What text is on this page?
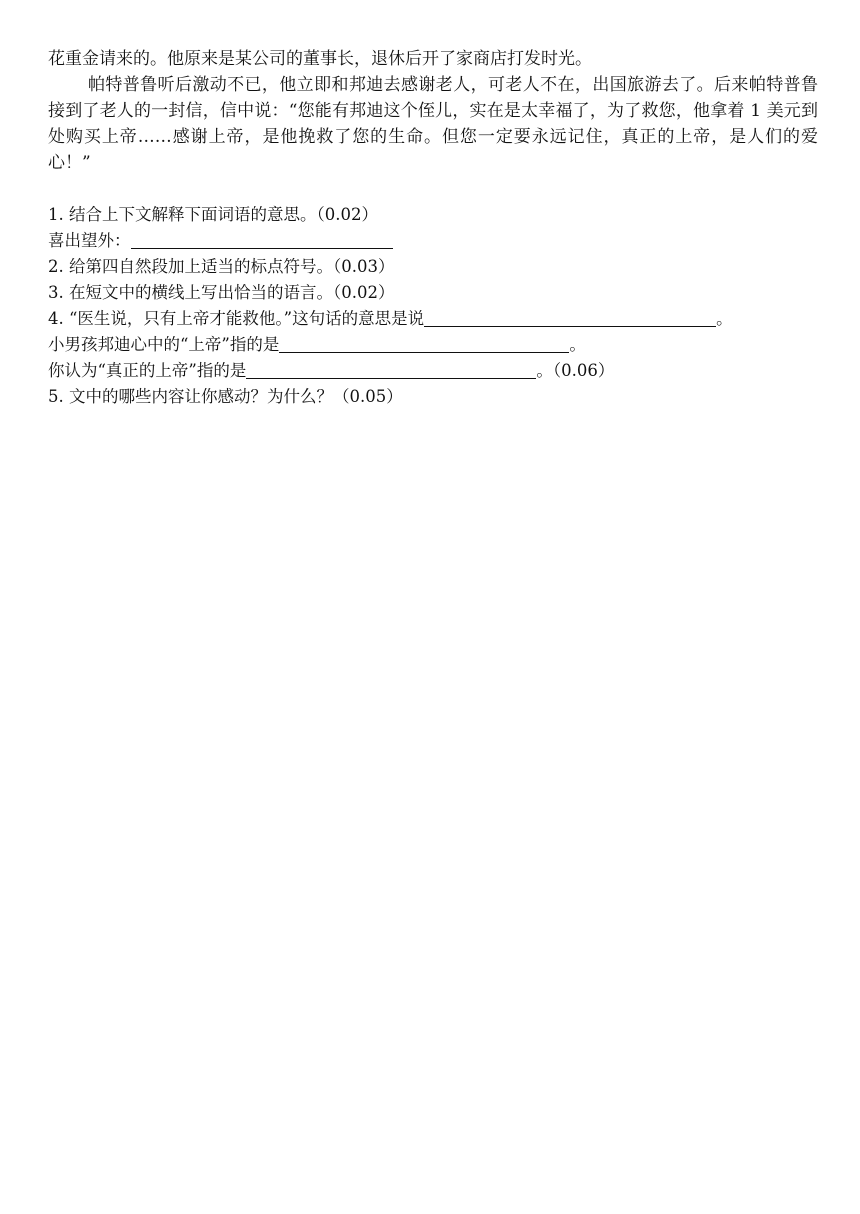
花重金请来的。他原来是某公司的董事长，退休后开了家商店打发时光。

帕特普鲁听后激动不已，他立即和邦迪去感谢老人，可老人不在，出国旅游去了。后来帕特普鲁接到了老人的一封信，信中说：“您能有邦迪这个侄儿，实在是太幸福了，为了救您，他拿着 1 美元到处购买上帝……感谢上帝，是他挽救了您的生命。但您一定要永远记住，真正的上帝，是人们的爱心！”

1. 结合上下文解释下面词语的意思。（0.02）

喜出望外：

2. 给第四自然段加上适当的标点符号。（0.03）

3. 在短文中的横线上写出恰当的语言。（0.02）

4. “医生说，只有上帝才能救他。”这句话的意思是说	。

小男孩邦迪心中的“上帝”指的是	。

你认为“真正的上帝”指的是	。（0.06）

5. 文中的哪些内容让你感动？为什么？（0.05）
